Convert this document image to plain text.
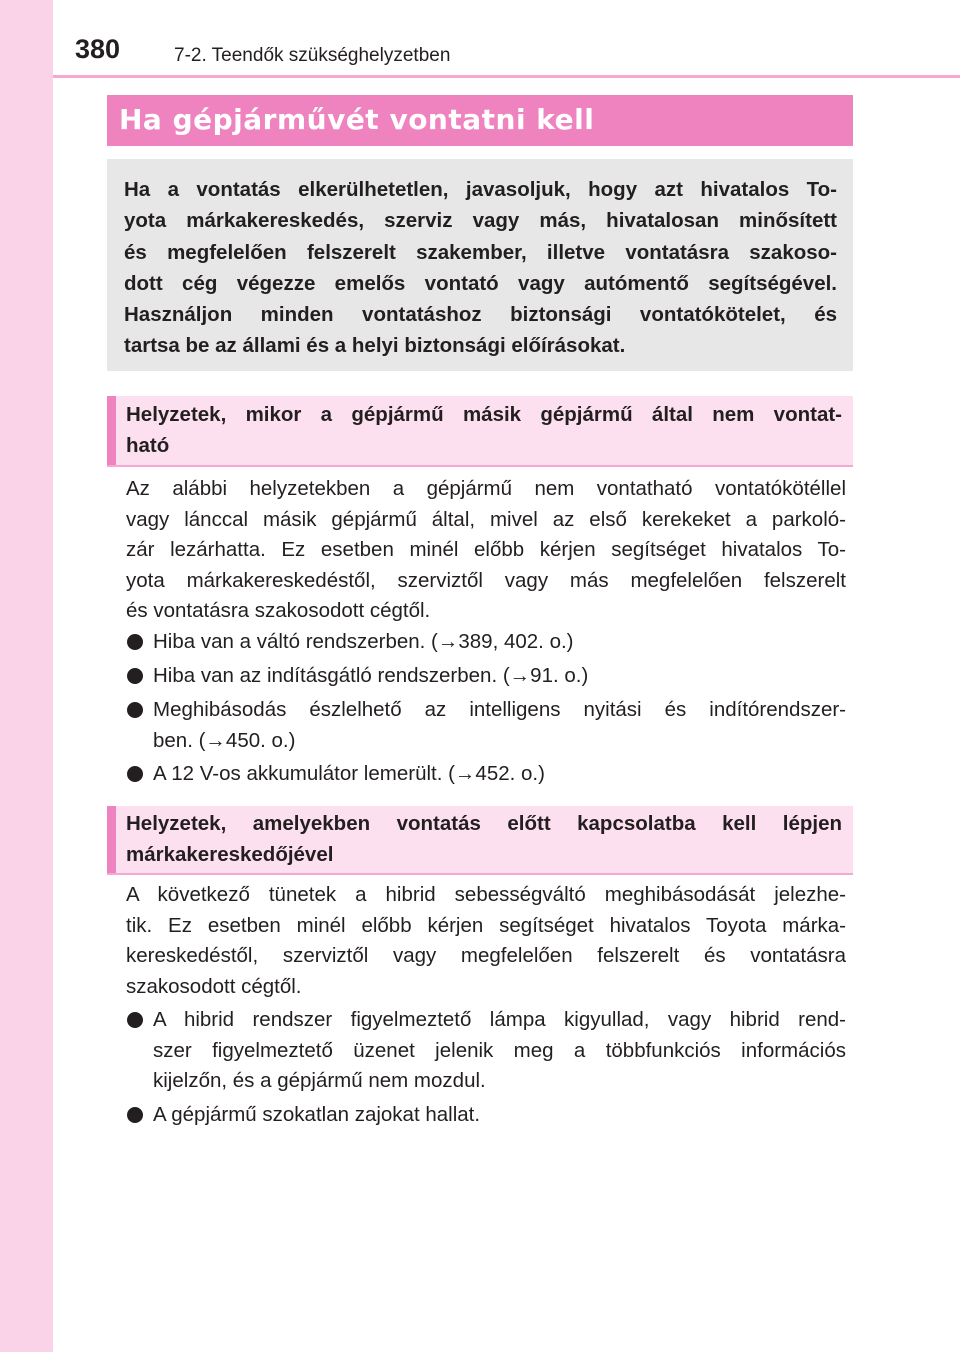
380	7-2. Teendők szükséghelyzetben
Ha gépjárművét vontatni kell
Ha a vontatás elkerülhetetlen, javasoljuk, hogy azt hivatalos To-
yota márkakereskedés, szerviz vagy más, hivatalosan minősített
és megfelelően felszerelt szakember, illetve vontatásra szakoso-
dott cég végezze emelős vontató vagy autómentő segítségével.
Használjon minden vontatáshoz biztonsági vontatókötelet, és
tartsa be az állami és a helyi biztonsági előírásokat.
Helyzetek, mikor a gépjármű másik gépjármű által nem vontat-
ható
Az alábbi helyzetekben a gépjármű nem vontatható vontatókötéllel
vagy lánccal másik gépjármű által, mivel az első kerekeket a parkoló-
zár lezárhatta. Ez esetben minél előbb kérjen segítséget hivatalos To-
yota márkakereskedéstől, szerviztől vagy más megfelelően felszerelt
és vontatásra szakosodott cégtől.
Hiba van a váltó rendszerben. (→389, 402. o.)
Hiba van az indításgátló rendszerben. (→91. o.)
Meghibásodás észlelhető az intelligens nyitási és indítórendszer-
ben. (→450. o.)
A 12 V-os akkumulátor lemerült. (→452. o.)
Helyzetek, amelyekben vontatás előtt kapcsolatba kell lépjen
márkakereskedőjével
A következő tünetek a hibrid sebességváltó meghibásodását jelezhe-
tik. Ez esetben minél előbb kérjen segítséget hivatalos Toyota márka-
kereskedéstől, szerviztől vagy megfelelően felszerelt és vontatásra
szakosodott cégtől.
A hibrid rendszer figyelmeztető lámpa kigyullad, vagy hibrid rend-
szer figyelmeztető üzenet jelenik meg a többfunkciós információs
kijelzőn, és a gépjármű nem mozdul.
A gépjármű szokatlan zajokat hallat.
